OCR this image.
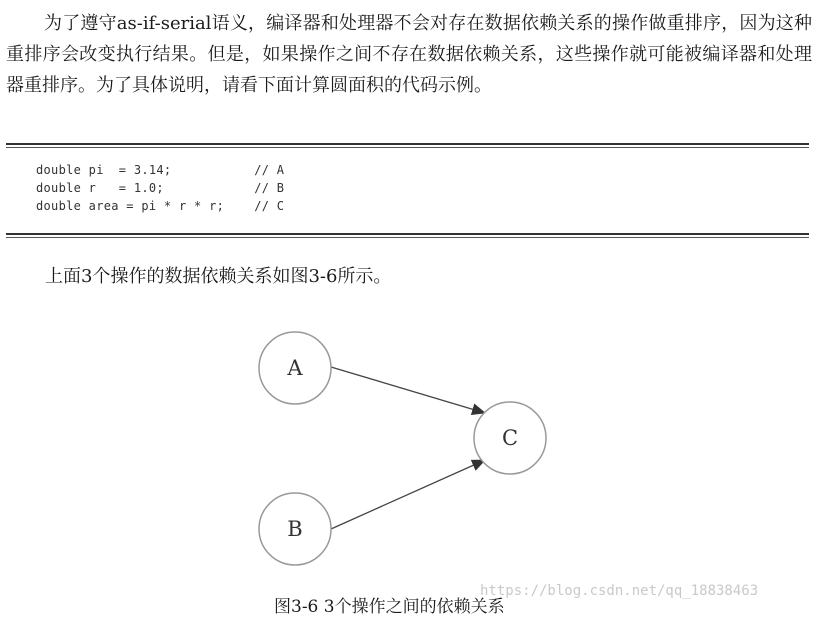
为了遵守as-if-serial语义，编译器和处理器不会对存在数据依赖关系的操作做重排序，因为这种重排序会改变执行结果。但是，如果操作之间不存在数据依赖关系，这些操作就可能被编译器和处理器重排序。为了具体说明，请看下面计算圆面积的代码示例。

double pi  = 3.14;           // A
double r   = 1.0;            // B
double area = pi * r * r;    // C

上面3个操作的数据依赖关系如图3-6所示。

A
B
C
https://blog.csdn.net/qq_18838463
图3-6 3个操作之间的依赖关系
